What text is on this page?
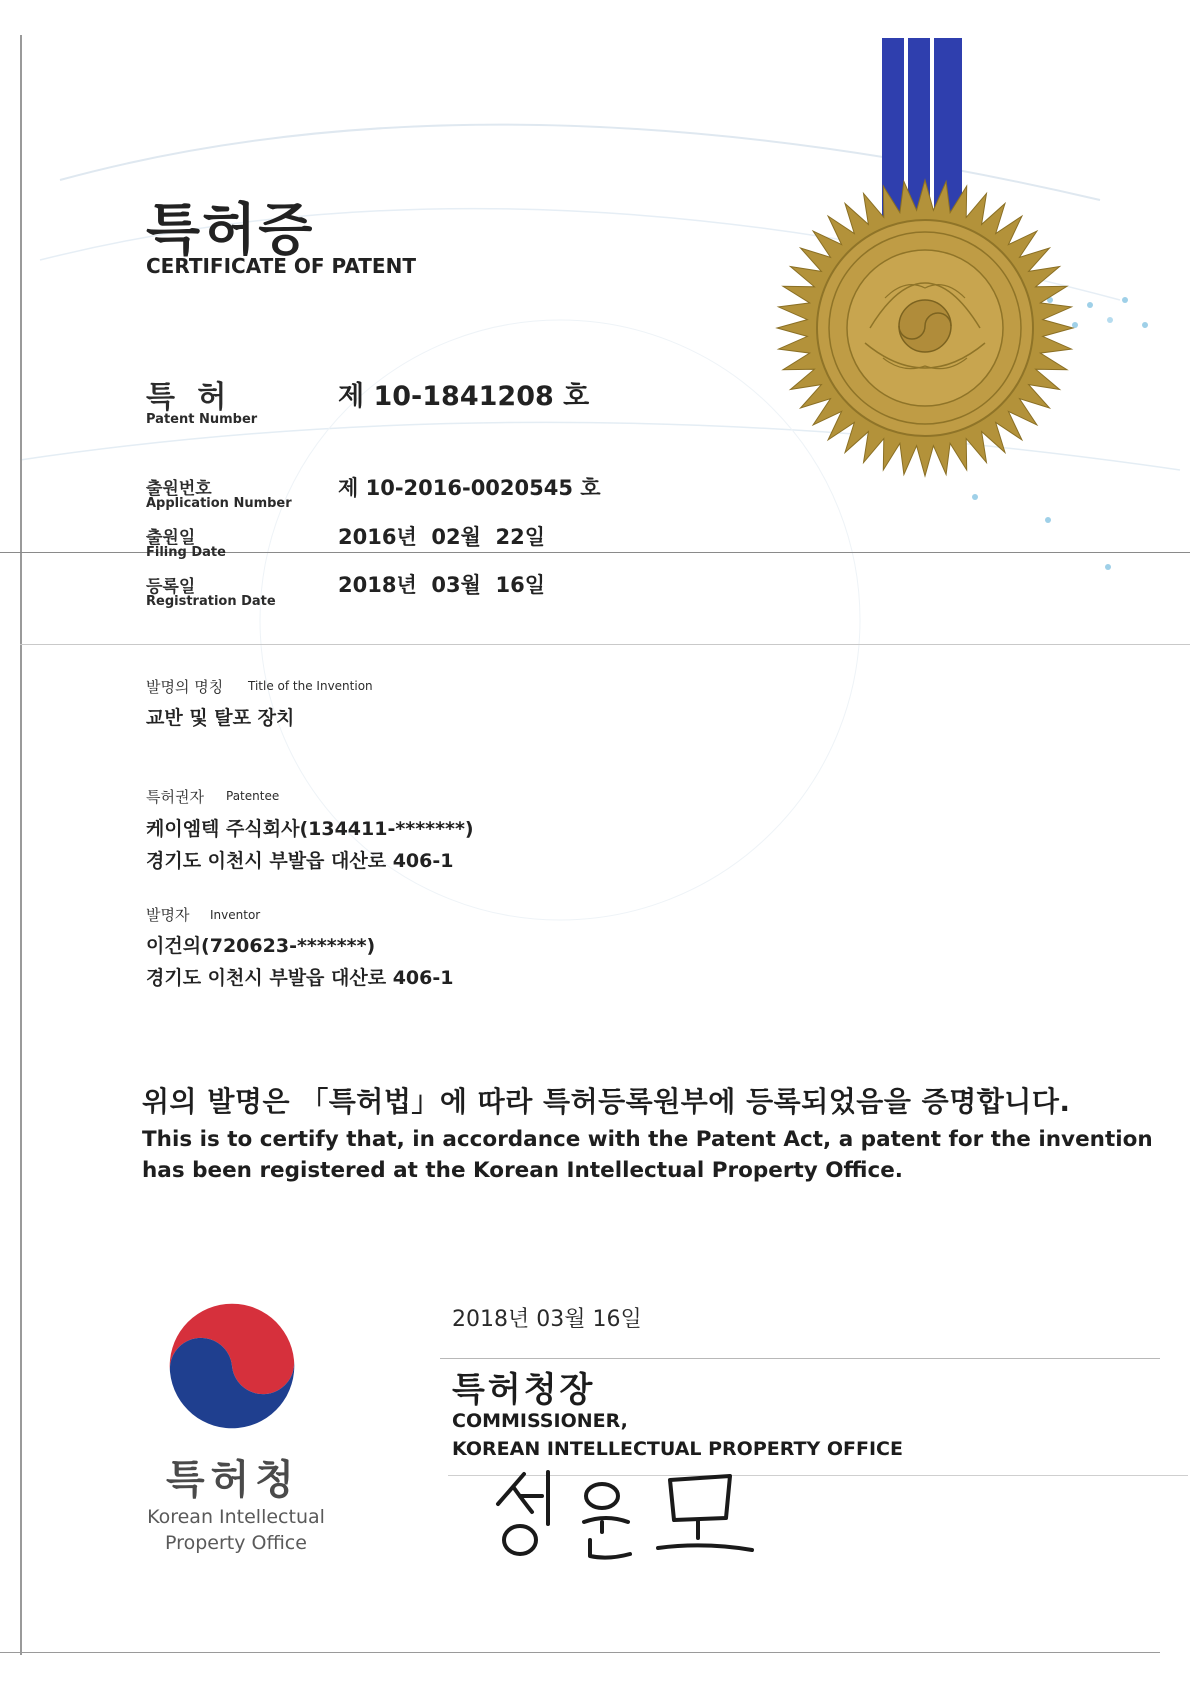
특허증
CERTIFICATE OF PATENT
특 허
Patent Number
제 10-1841208 호
출원번호
Application Number
제 10-2016-0020545 호
출원일
Filing Date
2016년  02월  22일
등록일
Registration Date
2018년  03월  16일
발명의 명칭 Title of the Invention
교반 및 탈포 장치
특허권자 Patentee
케이엠텍 주식회사(134411-*******)
경기도 이천시 부발읍 대산로 406-1
발명자 Inventor
이건의(720623-*******)
경기도 이천시 부발읍 대산로 406-1
위의 발명은 「특허법」에 따라 특허등록원부에 등록되었음을 증명합니다.
This is to certify that, in accordance with the Patent Act, a patent for the invention
has been registered at the Korean Intellectual Property Office.
특허청
Korean Intellectual
Property Office
2018년 03월 16일
특허청장
COMMISSIONER,
KOREAN INTELLECTUAL PROPERTY OFFICE
